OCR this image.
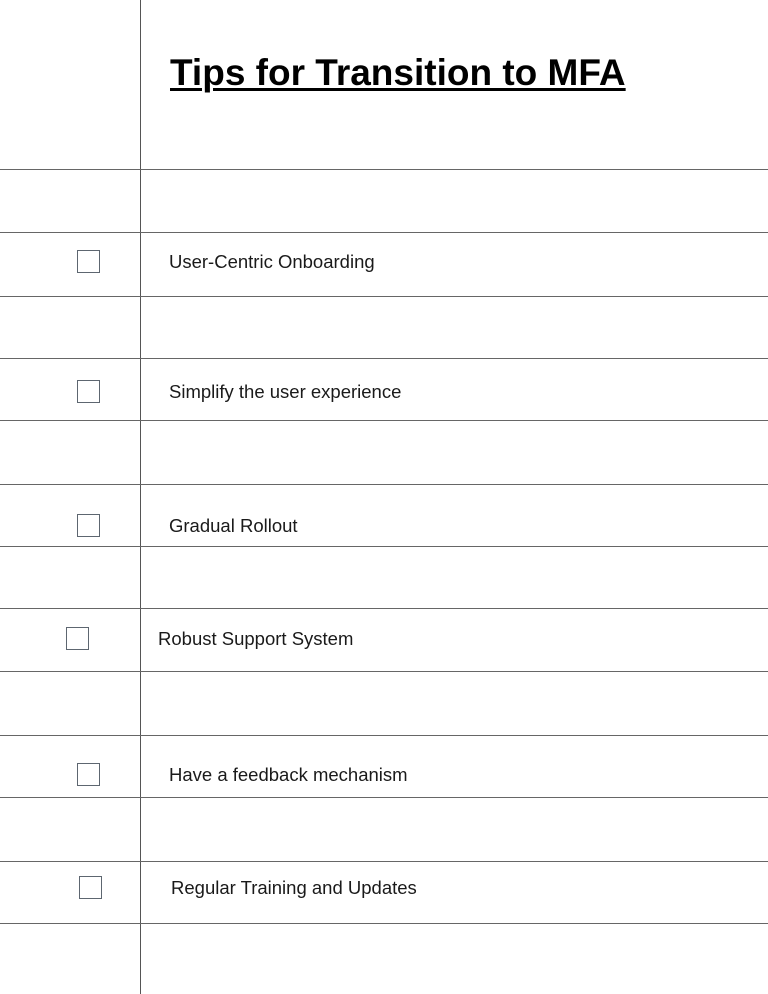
Tips for Transition to MFA
User-Centric Onboarding
Simplify the user experience
Gradual Rollout
Robust Support System
Have a feedback mechanism
Regular Training and Updates
